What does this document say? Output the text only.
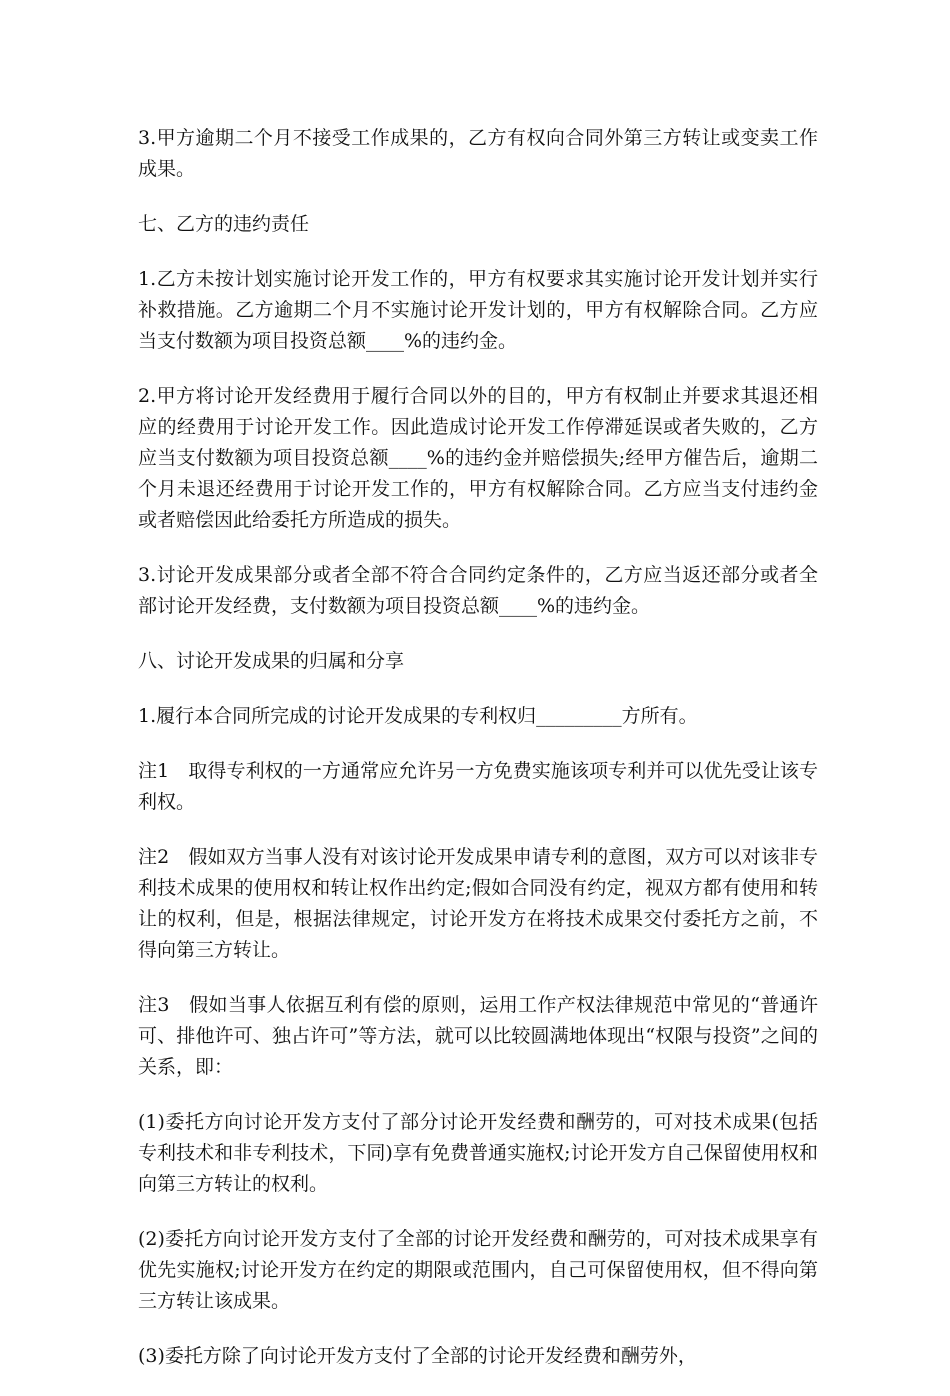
3.甲方逾期二个月不接受工作成果的，乙方有权向合同外第三方转让或变卖工作成果。

七、乙方的违约责任

1.乙方未按计划实施讨论开发工作的，甲方有权要求其实施讨论开发计划并实行补救措施。乙方逾期二个月不实施讨论开发计划的，甲方有权解除合同。乙方应当支付数额为项目投资总额____%的违约金。

2.甲方将讨论开发经费用于履行合同以外的目的，甲方有权制止并要求其退还相应的经费用于讨论开发工作。因此造成讨论开发工作停滞延误或者失败的，乙方应当支付数额为项目投资总额____%的违约金并赔偿损失;经甲方催告后，逾期二个月未退还经费用于讨论开发工作的，甲方有权解除合同。乙方应当支付违约金或者赔偿因此给委托方所造成的损失。

3.讨论开发成果部分或者全部不符合合同约定条件的，乙方应当返还部分或者全部讨论开发经费，支付数额为项目投资总额____%的违约金。

八、讨论开发成果的归属和分享

1.履行本合同所完成的讨论开发成果的专利权归_________方所有。

注1　取得专利权的一方通常应允许另一方免费实施该项专利并可以优先受让该专利权。

注2　假如双方当事人没有对该讨论开发成果申请专利的意图，双方可以对该非专利技术成果的使用权和转让权作出约定;假如合同没有约定，视双方都有使用和转让的权利，但是，根据法律规定，讨论开发方在将技术成果交付委托方之前，不得向第三方转让。

注3　假如当事人依据互利有偿的原则，运用工作产权法律规范中常见的“普通许可、排他许可、独占许可”等方法，就可以比较圆满地体现出“权限与投资”之间的关系，即：

(1)委托方向讨论开发方支付了部分讨论开发经费和酬劳的，可对技术成果(包括专利技术和非专利技术，下同)享有免费普通实施权;讨论开发方自己保留使用权和向第三方转让的权利。

(2)委托方向讨论开发方支付了全部的讨论开发经费和酬劳的，可对技术成果享有优先实施权;讨论开发方在约定的期限或范围内，自己可保留使用权，但不得向第三方转让该成果。

(3)委托方除了向讨论开发方支付了全部的讨论开发经费和酬劳外，
